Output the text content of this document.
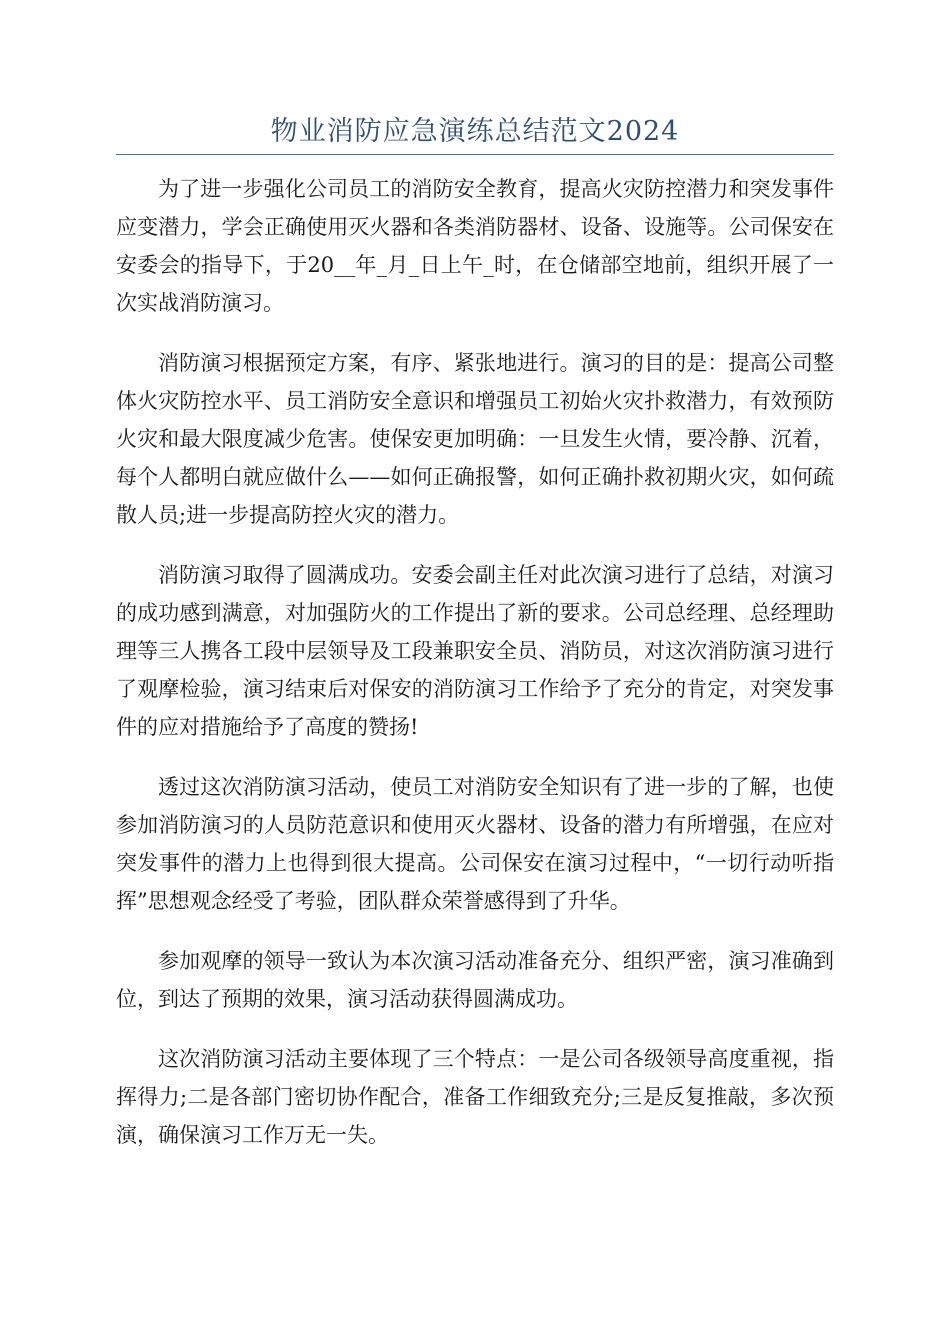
物业消防应急演练总结范文2024

为了进一步强化公司员工的消防安全教育，提高火灾防控潜力和突发事件应变潜力，学会正确使用灭火器和各类消防器材、设备、设施等。公司保安在安委会的指导下，于20__年_月_日上午_时，在仓储部空地前，组织开展了一次实战消防演习。

消防演习根据预定方案，有序、紧张地进行。演习的目的是：提高公司整体火灾防控水平、员工消防安全意识和增强员工初始火灾扑救潜力，有效预防火灾和最大限度减少危害。使保安更加明确：一旦发生火情，要冷静、沉着，每个人都明白就应做什么——如何正确报警，如何正确扑救初期火灾，如何疏散人员;进一步提高防控火灾的潜力。

消防演习取得了圆满成功。安委会副主任对此次演习进行了总结，对演习的成功感到满意，对加强防火的工作提出了新的要求。公司总经理、总经理助理等三人携各工段中层领导及工段兼职安全员、消防员，对这次消防演习进行了观摩检验，演习结束后对保安的消防演习工作给予了充分的肯定，对突发事件的应对措施给予了高度的赞扬!

透过这次消防演习活动，使员工对消防安全知识有了进一步的了解，也使参加消防演习的人员防范意识和使用灭火器材、设备的潜力有所增强，在应对突发事件的潜力上也得到很大提高。公司保安在演习过程中，“一切行动听指挥”思想观念经受了考验，团队群众荣誉感得到了升华。

参加观摩的领导一致认为本次演习活动准备充分、组织严密，演习准确到位，到达了预期的效果，演习活动获得圆满成功。

这次消防演习活动主要体现了三个特点：一是公司各级领导高度重视，指挥得力;二是各部门密切协作配合，准备工作细致充分;三是反复推敲，多次预演，确保演习工作万无一失。
